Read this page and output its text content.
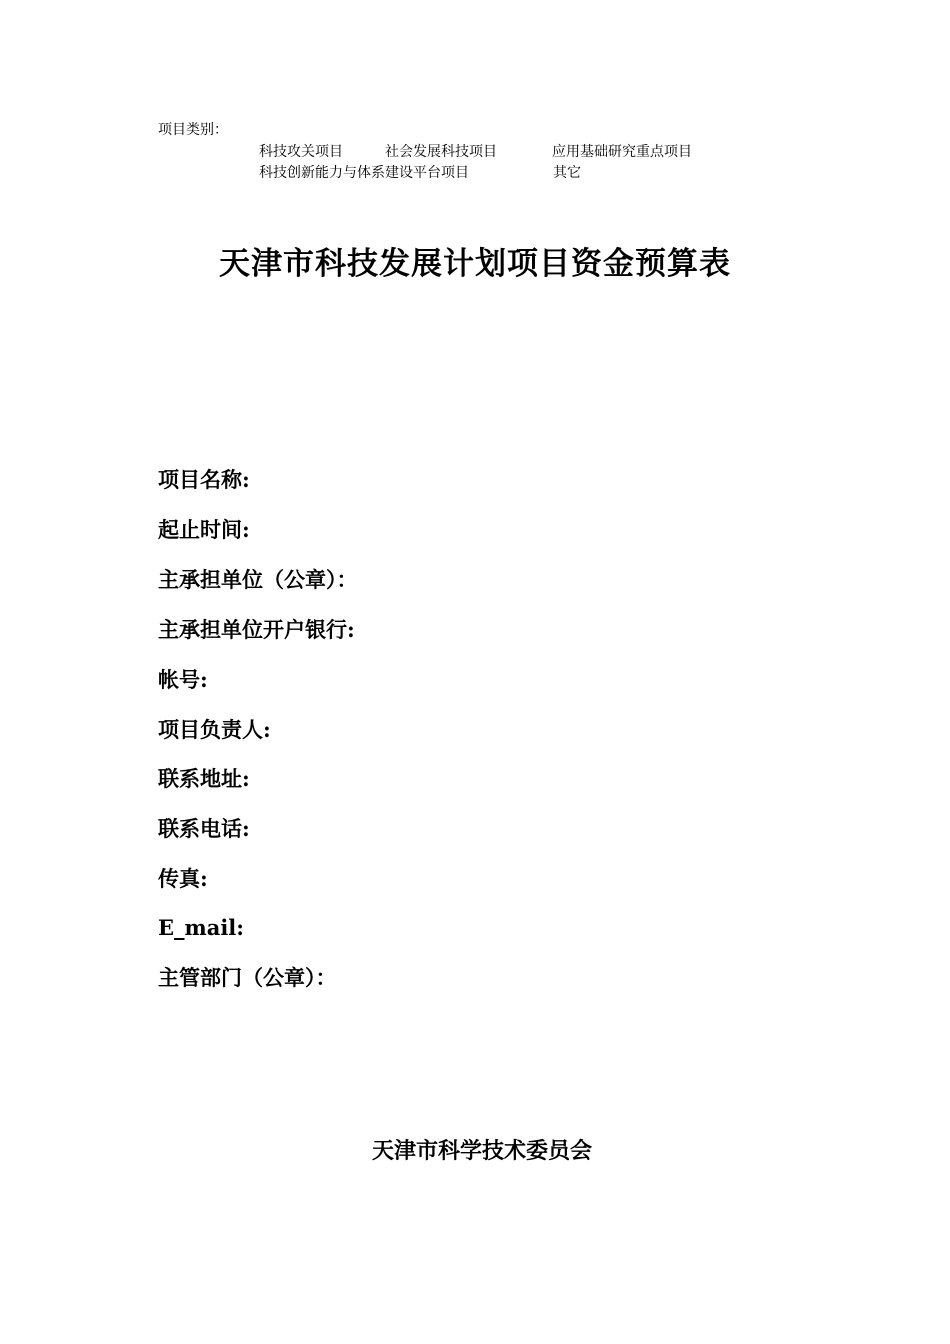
项目类别：
科技攻关项目	社会发展科技项目	应用基础研究重点项目
科技创新能力与体系建设平台项目	其它
天津市科技发展计划项目资金预算表
项目名称:
起止时间:
主承担单位（公章）：
主承担单位开户银行:
帐号:
项目负责人:
联系地址:
联系电话:
传真:
E_mail:
主管部门（公章）：
天津市科学技术委员会
